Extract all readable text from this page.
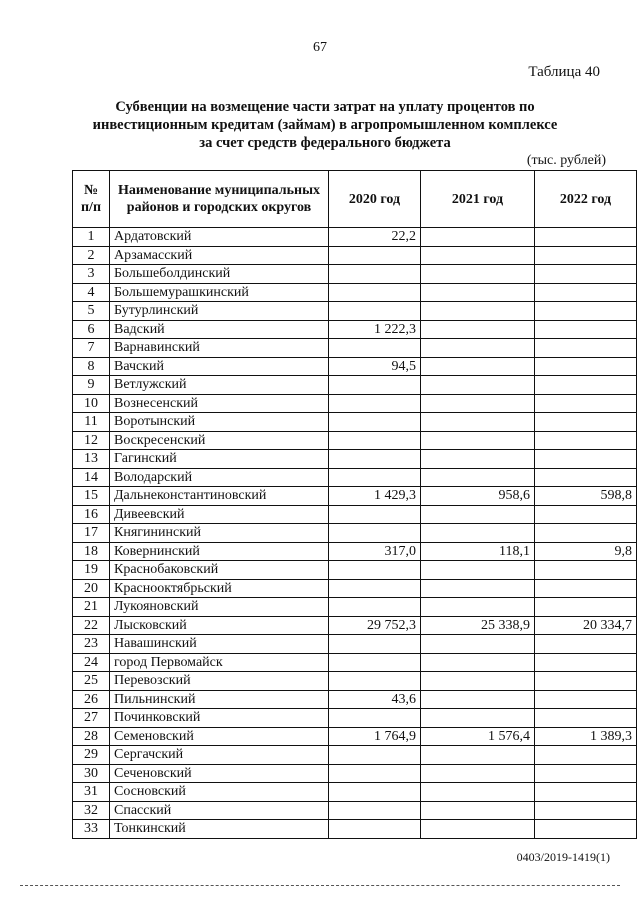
67
Таблица 40
Субвенции на возмещение части затрат на уплату процентов по инвестиционным кредитам (займам) в агропромышленном комплексе за счет средств федерального бюджета
(тыс. рублей)
№ п/п	Наименование муниципальных районов и городских округов	2020 год	2021 год	2022 год
1	Ардатовский	22,2		
2	Арзамасский			
3	Большеболдинский			
4	Большемурашкинский			
5	Бутурлинский			
6	Вадский	1 222,3		
7	Варнавинский			
8	Вачский	94,5		
9	Ветлужский			
10	Вознесенский			
11	Воротынский			
12	Воскресенский			
13	Гагинский			
14	Володарский			
15	Дальнеконстантиновский	1 429,3	958,6	598,8
16	Дивеевский			
17	Княгининский			
18	Ковернинский	317,0	118,1	9,8
19	Краснобаковский			
20	Краснооктябрьский			
21	Лукояновский			
22	Лысковский	29 752,3	25 338,9	20 334,7
23	Навашинский			
24	город Первомайск			
25	Перевозский			
26	Пильнинский	43,6		
27	Починковский			
28	Семеновский	1 764,9	1 576,4	1 389,3
29	Сергачский			
30	Сеченовский			
31	Сосновский			
32	Спасский			
33	Тонкинский			
0403/2019-1419(1)
